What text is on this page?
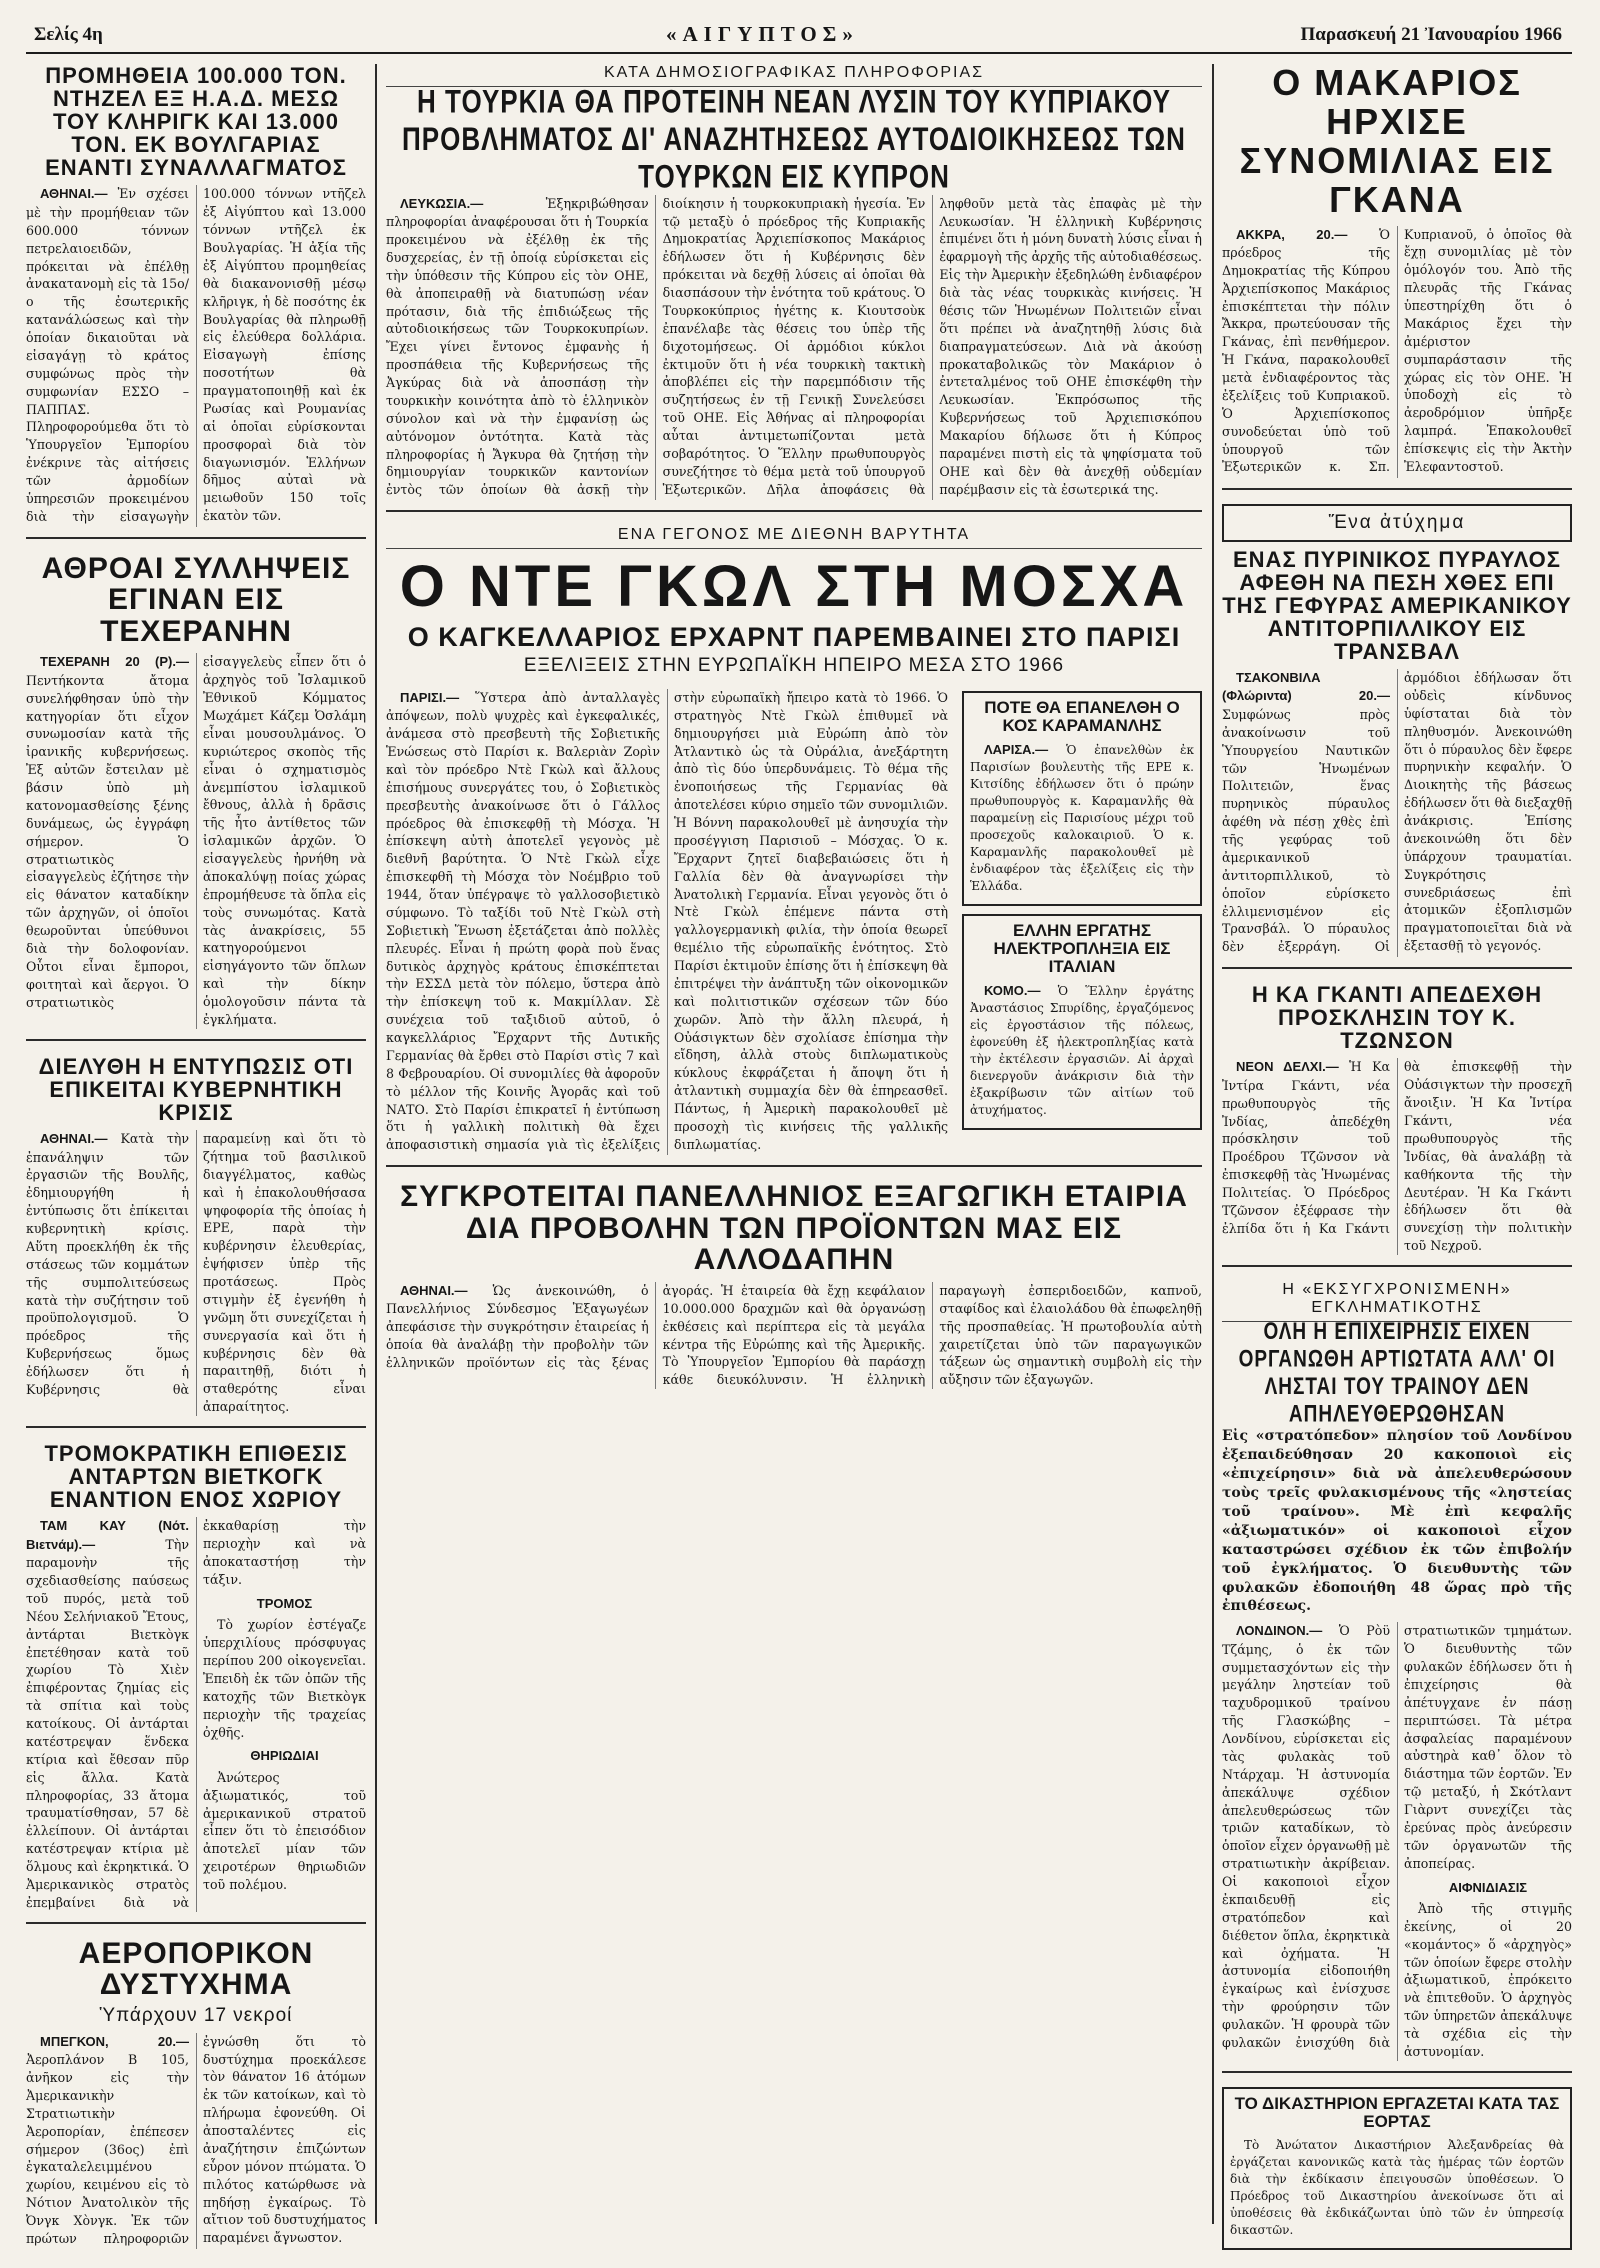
Σελίς 4η	«ΑΙΓΥΠΤΟΣ»	Παρασκευή 21 Ἰανουαρίου 1966
ΠΡΟΜΗΘΕΙΑ 100.000 ΤΟΝ. ΝΤΗΖΕΛ ΕΞ Η.Α.Δ. ΜΕΣΩ ΤΟΥ ΚΛΗΡΙΓΚ ΚΑΙ 13.000 ΤΟΝ. ΕΚ ΒΟΥΛΓΑΡΙΑΣ ΕΝΑΝΤΙ ΣΥΝΑΛΛΑΓΜΑΤΟΣ

ΑΘΗΝΑΙ.— Ἐν σχέσει μὲ τὴν προμήθειαν τῶν 600.000 τόννων πετρελαιοειδῶν, πρόκειται νὰ ἐπέλθῃ ἀνακατανομὴ εἰς τὰ 15ο/ο τῆς ἐσωτερικῆς κατανάλώσεως καὶ τὴν ὁποίαν δικαιοῦται νὰ εἰσαγάγῃ τὸ κράτος συμφώνως πρὸς τὴν συμφωνίαν ΕΣΣΟ – ΠΑΠΠΑΣ. Πληροφορούμεθα ὅτι τὸ Ὑπουργεῖον Ἐμπορίου ἐνέκρινε τὰς αἰτήσεις τῶν ἀρμοδίων ὑπηρεσιῶν προκειμένου διὰ τὴν εἰσαγωγὴν 100.000 τόννων ντῆζελ ἐξ Αἰγύπτου καὶ 13.000 τόννων ντῆζελ ἐκ Βουλγαρίας. Ἡ ἀξία τῆς ἐξ Αἰγύπτου προμηθείας θὰ διακανονισθῇ μέσῳ κλῆριγκ, ἡ δὲ ποσότης ἐκ Βουλγαρίας θὰ πληρωθῇ εἰς ἐλεύθερα δολλάρια. Εἰσαγωγὴ ἐπίσης ποσοτήτων θὰ πραγματοποιηθῇ καὶ ἐκ Ρωσίας καὶ Ρουμανίας αἱ ὁποῖαι εὑρίσκονται προσφοραὶ διὰ τὸν διαγωνισμόν. Ἑλλήνων δῆμος αὐταὶ νὰ μειωθοῦν 150 τοῖς ἑκατὸν τῶν.

ΑΘΡΟΑΙ ΣΥΛΛΗΨΕΙΣ ΕΓΙΝΑΝ ΕΙΣ ΤΕΧΕΡΑΝΗΝ

ΤΕΧΕΡΑΝΗ 20 (Ρ).— Πεντήκοντα ἄτομα συνελήφθησαν ὑπὸ τὴν κατηγορίαν ὅτι εἶχον συνωμοσίαν κατὰ τῆς ἰρανικῆς κυβερνήσεως. Ἐξ αὐτῶν ἔστειλαν μὲ βάσιν ὑπὸ μὴ κατονομασθείσης ξένης δυνάμεως, ὡς ἐγγράφη σήμερον. Ὁ στρατιωτικὸς εἰσαγγελεὺς ἐζήτησε τὴν εἰς θάνατον καταδίκην τῶν ἀρχηγῶν, οἱ ὁποῖοι θεωροῦνται ὑπεύθυνοι διὰ τὴν δολοφονίαν. Οὗτοι εἶναι ἔμποροι, φοιτηταὶ καὶ ἄεργοι. Ὁ στρατιωτικὸς εἰσαγγελεὺς εἶπεν ὅτι ὁ ἀρχηγὸς τοῦ Ἰσλαμικοῦ Ἐθνικοῦ Κόμματος Μωχάμετ Κάζεμ Ὀσλάμη εἶναι μουσουλμάνος. Ὁ κυριώτερος σκοπὸς τῆς εἶναι ὁ σχηματισμὸς ἀνεμπίστου ἰσλαμικοῦ ἔθνους, ἀλλὰ ἡ δρᾶσις τῆς ἦτο ἀντίθετος τῶν ἰσλαμικῶν ἀρχῶν. Ὁ εἰσαγγελεὺς ἠρνήθη νὰ ἀποκαλύψῃ ποίας χώρας ἐπρομήθευσε τὰ ὅπλα εἰς τοὺς συνωμότας. Κατὰ τὰς ἀνακρίσεις, 55 κατηγορούμενοι εἰσηγάγοντο τῶν ὅπλων καὶ τὴν δίκην ὁμολογοῦσιν πάντα τὰ ἐγκλήματα.

ΔΙΕΛΥΘΗ Η ΕΝΤΥΠΩΣΙΣ ΟΤΙ ΕΠΙΚΕΙΤΑΙ ΚΥΒΕΡΝΗΤΙΚΗ ΚΡΙΣΙΣ

ΑΘΗΝΑΙ.— Κατὰ τὴν ἐπανάληψιν τῶν ἐργασιῶν τῆς Βουλῆς, ἐδημιουργήθη ἡ ἐντύπωσις ὅτι ἐπίκειται κυβερνητικὴ κρίσις. Αὕτη προεκλήθη ἐκ τῆς στάσεως τῶν κομμάτων τῆς συμπολιτεύσεως κατὰ τὴν συζήτησιν τοῦ προϋπολογισμοῦ. Ὁ πρόεδρος τῆς Κυβερνήσεως ὅμως ἐδήλωσεν ὅτι ἡ Κυβέρνησις θὰ παραμείνῃ καὶ ὅτι τὸ ζήτημα τοῦ βασιλικοῦ διαγγέλματος, καθὼς καὶ ἡ ἐπακολουθήσασα ψηφοφορία τῆς ὁποίας ἡ ΕΡΕ, παρὰ τὴν κυβέρνησιν ἐλευθερίας, ἐψήφισεν ὑπὲρ τῆς προτάσεως. Πρὸς στιγμὴν ἐξ ἐγενήθη ἡ γνῶμη ὅτι συνεχίζεται ἡ συνεργασία καὶ ὅτι ἡ κυβέρνησις δὲν θὰ παραιτηθῇ, διότι ἡ σταθερότης εἶναι ἀπαραίτητος.

ΤΡΟΜΟΚΡΑΤΙΚΗ ΕΠΙΘΕΣΙΣ ΑΝΤΑΡΤΩΝ ΒΙΕΤΚΟΓΚ ΕΝΑΝΤΙΟΝ ΕΝΟΣ ΧΩΡΙΟΥ

ΤΑΜ ΚΑΥ (Νότ. Βιετνάμ).—	Τὴν παραμονὴν τῆς σχεδιασθείσης παύσεως τοῦ πυρός, μετὰ τοῦ Νέου Σελήνιακοῦ Ἔτους, ἀντάρται Βιετκὸγκ ἐπετέθησαν κατὰ τοῦ χωρίου Τὸ Χιὲν ἐπιφέροντας ζημίας εἰς τὰ σπίτια καὶ τοὺς κατοίκους. Οἱ ἀντάρται κατέστρεψαν ἕνδεκα κτίρια καὶ ἔθεσαν πῦρ εἰς ἄλλα. Κατὰ πληροφορίας, 33 ἄτομα τραυματίσθησαν, 57 δὲ ἐλλείπουν. Οἱ ἀντάρται κατέστρεψαν κτίρια μὲ ὅλμους καὶ ἐκρηκτικά. Ὁ Ἀμερικανικὸς στρατὸς ἐπεμβαίνει διὰ νὰ ἐκκαθαρίσῃ τὴν περιοχὴν καὶ νὰ ἀποκαταστήσῃ τὴν τάξιν.

ΤΡΟΜΟΣ

Τὸ χωρίον ἐστέγαζε ὑπερχιλίους πρόσφυγας περίπου 200 οἰκογενεῖαι. Ἐπειδὴ ἐκ τῶν ὀπῶν τῆς κατοχῆς τῶν Βιετκὸγκ περιοχὴν τῆς τραχείας ὀχθῆς.

ΘΗΡΙΩΔΙΑΙ

Ἀνώτερος ἀξιωματικός, τοῦ ἀμερικανικοῦ στρατοῦ εἶπεν ὅτι τὸ ἐπεισόδιον ἀποτελεῖ μίαν τῶν χειροτέρων θηριωδιῶν τοῦ πολέμου.

ΑΕΡΟΠΟΡΙΚΟΝ ΔΥΣΤΥΧΗΜΑ
Ὑπάρχουν 17 νεκροί

ΜΠΕΓΚΟΝ, 20.— Ἀεροπλάνον Β 105, ἀνῆκον εἰς τὴν Ἀμερικανικὴν Στρατιωτικὴν Ἀεροπορίαν, ἐπέπεσεν σήμερον (36ος) ἐπὶ ἐγκαταλελειμμένου χωρίου, κειμένου εἰς τὸ Νότιον Ἀνατολικὸν τῆς Ὀνγκ Χὸνγκ. Ἐκ τῶν πρώτων πληροφοριῶν ἐγνώσθη ὅτι τὸ δυστύχημα προεκάλεσε τὸν θάνατον 16 ἀτόμων ἐκ τῶν κατοίκων, καὶ τὸ πλήρωμα ἐφονεύθη. Οἱ ἀποσταλέντες εἰς ἀναζήτησιν ἐπιζώντων εὗρον μόνον πτώματα. Ὁ πιλότος κατώρθωσε νὰ πηδήσῃ ἐγκαίρως. Τὸ αἴτιον τοῦ δυστυχήματος παραμένει ἄγνωστον.

ΚΑΤΑ ΔΗΜΟΣΙΟΓΡΑΦΙΚΑΣ ΠΛΗΡΟΦΟΡΙΑΣ
Η ΤΟΥΡΚΙΑ ΘΑ ΠΡΟΤΕΙΝΗ ΝΕΑΝ ΛΥΣΙΝ ΤΟΥ ΚΥΠΡΙΑΚΟΥ ΠΡΟΒΛΗΜΑΤΟΣ ΔΙ' ΑΝΑΖΗΤΗΣΕΩΣ ΑΥΤΟΔΙΟΙΚΗΣΕΩΣ ΤΩΝ ΤΟΥΡΚΩΝ ΕΙΣ ΚΥΠΡΟΝ

ΛΕΥΚΩΣΙΑ.—	Ἐξηκριβώθησαν πληροφορίαι ἀναφέρουσαι ὅτι ἡ Τουρκία προκειμένου νὰ ἐξέλθῃ ἐκ τῆς δυσχερείας, ἐν τῇ ὁποίᾳ εὑρίσκεται εἰς τὴν ὑπόθεσιν τῆς Κύπρου εἰς τὸν ΟΗΕ, θὰ ἀποπειραθῇ νὰ διατυπώσῃ νέαν πρότασιν, διὰ τῆς ἐπιδιώξεως τῆς αὐτοδιοικήσεως τῶν Τουρκοκυπρίων. Ἔχει γίνει ἔντονος ἐμφανὴς ἡ προσπάθεια τῆς Κυβερνήσεως τῆς Ἀγκύρας διὰ νὰ ἀποσπάσῃ τὴν τουρκικὴν κοινότητα ἀπὸ τὸ ἑλληνικὸν σύνολον καὶ νὰ τὴν ἐμφανίσῃ ὡς αὐτόνομον ὀντότητα. Κατὰ τὰς πληροφορίας ἡ Ἄγκυρα θὰ ζητήσῃ τὴν δημιουργίαν τουρκικῶν καντονίων ἐντὸς τῶν ὁποίων θὰ ἀσκῇ τὴν διοίκησιν ἡ τουρκοκυπριακὴ ἡγεσία. Ἐν τῷ μεταξὺ ὁ πρόεδρος τῆς Κυπριακῆς Δημοκρατίας Ἀρχιεπίσκοπος Μακάριος ἐδήλωσεν ὅτι ἡ Κυβέρνησις δὲν πρόκειται νὰ δεχθῇ λύσεις αἱ ὁποῖαι θὰ διασπάσουν τὴν ἑνότητα τοῦ κράτους. Ὁ Τουρκοκύπριος ἡγέτης κ. Κιουτσοὺκ ἐπανέλαβε τὰς θέσεις του ὑπὲρ τῆς διχοτομήσεως. Οἱ ἀρμόδιοι κύκλοι ἐκτιμοῦν ὅτι ἡ νέα τουρκικὴ τακτικὴ ἀποβλέπει εἰς τὴν παρεμπόδισιν τῆς συζητήσεως ἐν τῇ Γενικῇ Συνελεύσει τοῦ ΟΗΕ. Εἰς Ἀθήνας αἱ πληροφορίαι αὗται ἀντιμετωπίζονται μετὰ σοβαρότητος. Ὁ Ἕλλην πρωθυπουργὸς συνεζήτησε τὸ θέμα μετὰ τοῦ ὑπουργοῦ Ἐξωτερικῶν. Δῆλα ἀποφάσεις θὰ ληφθοῦν μετὰ τὰς ἐπαφὰς μὲ τὴν Λευκωσίαν. Ἡ ἑλληνικὴ Κυβέρνησις ἐπιμένει ὅτι ἡ μόνη δυνατὴ λύσις εἶναι ἡ ἐφαρμογὴ τῆς ἀρχῆς τῆς αὐτοδιαθέσεως. Εἰς τὴν Ἀμερικὴν ἐξεδηλώθη ἐνδιαφέρον διὰ τὰς νέας τουρκικὰς κινήσεις. Ἡ θέσις τῶν Ἡνωμένων Πολιτειῶν εἶναι ὅτι πρέπει νὰ ἀναζητηθῇ λύσις διὰ διαπραγματεύσεων. Διὰ νὰ ἀκούσῃ προκαταβολικῶς τὸν Μακάριον ὁ ἐντεταλμένος τοῦ ΟΗΕ ἐπισκέφθη τὴν Λευκωσίαν. Ἐκπρόσωπος τῆς Κυβερνήσεως τοῦ Ἀρχιεπισκόπου Μακαρίου δήλωσε ὅτι ἡ Κύπρος παραμένει πιστὴ εἰς τὰ ψηφίσματα τοῦ ΟΗΕ καὶ δὲν θὰ ἀνεχθῇ οὐδεμίαν παρέμβασιν εἰς τὰ ἐσωτερικά της.

ΕΝΑ ΓΕΓΟΝΟΣ ΜΕ ΔΙΕΘΝΗ ΒΑΡΥΤΗΤΑ
Ο ΝΤΕ ΓΚΩΛ ΣΤΗ ΜΟΣΧΑ
Ο ΚΑΓΚΕΛΛΑΡΙΟΣ ΕΡΧΑΡΝΤ ΠΑΡΕΜΒΑΙΝΕΙ ΣΤΟ ΠΑΡΙΣΙ
ΕΞΕΛΙΞΕΙΣ ΣΤΗΝ ΕΥΡΩΠΑΪΚΗ ΗΠΕΙΡΟ ΜΕΣΑ ΣΤΟ 1966

ΠΑΡΙΣΙ.— Ὕστερα ἀπὸ ἀνταλλαγὲς ἀπόψεων, πολὺ ψυχρὲς καὶ ἐγκεφαλικές, ἀνάμεσα στὸ πρεσβευτὴ τῆς Σοβιετικῆς Ἑνώσεως στὸ Παρίσι κ. Βαλεριὰν Ζορὶν καὶ τὸν πρόεδρο Ντὲ Γκὼλ καὶ ἄλλους ἐπισήμους συνεργάτες του, ὁ Σοβιετικὸς πρεσβευτὴς ἀνακοίνωσε ὅτι ὁ Γάλλος πρόεδρος θὰ ἐπισκεφθῇ τὴ Μόσχα. Ἡ ἐπίσκεψη αὐτὴ ἀποτελεῖ γεγονὸς μὲ διεθνῆ βαρύτητα. Ὁ Ντὲ Γκὼλ εἶχε ἐπισκεφθῆ τὴ Μόσχα τὸν Νοέμβριο τοῦ 1944, ὅταν ὑπέγραψε τὸ γαλλοσοβιετικὸ σύμφωνο. Τὸ ταξίδι τοῦ Ντὲ Γκὼλ στὴ Σοβιετικὴ Ἕνωση ἐξετάζεται ἀπὸ πολλὲς πλευρές. Εἶναι ἡ πρώτη φορὰ ποὺ ἕνας δυτικὸς ἀρχηγὸς κράτους ἐπισκέπτεται τὴν ΕΣΣΔ μετὰ τὸν πόλεμο, ὕστερα ἀπὸ τὴν ἐπίσκεψη τοῦ κ. Μακμίλλαν. Σὲ συνέχεια τοῦ ταξιδιοῦ αὐτοῦ, ὁ καγκελλάριος Ἔρχαρντ τῆς Δυτικῆς Γερμανίας θὰ ἔρθει στὸ Παρίσι στὶς 7 καὶ 8 Φεβρουαρίου. Οἱ συνομιλίες θὰ ἀφοροῦν τὸ μέλλον τῆς Κοινῆς Ἀγορᾶς καὶ τοῦ ΝΑΤΟ. Στὸ Παρίσι ἐπικρατεῖ ἡ ἐντύπωση ὅτι ἡ γαλλικὴ πολιτικὴ θὰ ἔχει ἀποφασιστικὴ σημασία γιὰ τὶς ἐξελίξεις στὴν εὐρωπαϊκὴ ἤπειρο κατὰ τὸ 1966. Ὁ στρατηγὸς Ντὲ Γκὼλ ἐπιθυμεῖ νὰ δημιουργήσει μιὰ Εὐρώπη ἀπὸ τὸν Ἀτλαντικὸ ὡς τὰ Οὐράλια, ἀνεξάρτητη ἀπὸ τὶς δύο ὑπερδυνάμεις. Τὸ θέμα τῆς ἐνοποιήσεως τῆς Γερμανίας θὰ ἀποτελέσει κύριο σημεῖο τῶν συνομιλιῶν. Ἡ Βόννη παρακολουθεῖ μὲ ἀνησυχία τὴν προσέγγιση Παρισιοῦ – Μόσχας. Ὁ κ. Ἔρχαρντ ζητεῖ διαβεβαιώσεις ὅτι ἡ Γαλλία δὲν θὰ ἀναγνωρίσει τὴν Ἀνατολικὴ Γερμανία. Εἶναι γεγονὸς ὅτι ὁ Ντὲ Γκὼλ ἐπέμενε πάντα στὴ γαλλογερμανικὴ φιλία, τὴν ὁποία θεωρεῖ θεμέλιο τῆς εὐρωπαϊκῆς ἑνότητος. Στὸ Παρίσι ἐκτιμοῦν ἐπίσης ὅτι ἡ ἐπίσκεψη θὰ ἐπιτρέψει τὴν ἀνάπτυξη τῶν οἰκονομικῶν καὶ πολιτιστικῶν σχέσεων τῶν δύο χωρῶν. Ἀπὸ τὴν ἄλλη πλευρά, ἡ Οὐάσιγκτων δὲν σχολίασε ἐπίσημα τὴν εἴδηση, ἀλλὰ στοὺς διπλωματικοὺς κύκλους ἐκφράζεται ἡ ἄποψη ὅτι ἡ ἀτλαντικὴ συμμαχία δὲν θὰ ἐπηρεασθεῖ. Πάντως, ἡ Ἀμερικὴ παρακολουθεῖ μὲ προσοχὴ τὶς κινήσεις τῆς γαλλικῆς διπλωματίας.

ΠΟΤΕ ΘΑ ΕΠΑΝΕΛΘΗ Ο ΚΟΣ ΚΑΡΑΜΑΝΛΗΣ

ΛΑΡΙΣΑ.— Ὁ ἐπανελθὼν ἐκ Παρισίων βουλευτὴς τῆς ΕΡΕ κ. Κιτσίδης ἐδήλωσεν ὅτι ὁ πρώην πρωθυπουργὸς κ. Καραμανλῆς θὰ παραμείνῃ εἰς Παρισίους μέχρι τοῦ προσεχοῦς καλοκαιριοῦ. Ὁ κ. Καραμανλῆς παρακολουθεῖ μὲ ἐνδιαφέρον τὰς ἐξελίξεις εἰς τὴν Ἑλλάδα.

ΕΛΛΗΝ ΕΡΓΑΤΗΣ ΗΛΕΚΤΡΟΠΛΗΞΙΑ ΕΙΣ ΙΤΑΛΙΑΝ

ΚΟΜΟ.— Ὁ Ἕλλην ἐργάτης Ἀναστάσιος Σπυρίδης, ἐργαζόμενος εἰς ἐργοστάσιον τῆς πόλεως, ἐφονεύθη ἐξ ἠλεκτροπληξίας κατὰ τὴν ἐκτέλεσιν ἐργασιῶν. Αἱ ἀρχαὶ διενεργοῦν ἀνάκρισιν διὰ τὴν ἐξακρίβωσιν τῶν αἰτίων τοῦ ἀτυχήματος.

ΣΥΓΚΡΟΤΕΙΤΑΙ ΠΑΝΕΛΛΗΝΙΟΣ ΕΞΑΓΩΓΙΚΗ ΕΤΑΙΡΙΑ ΔΙΑ ΠΡΟΒΟΛΗΝ ΤΩΝ ΠΡΟΪΟΝΤΩΝ ΜΑΣ ΕΙΣ ΑΛΛΟΔΑΠΗΝ

ΑΘΗΝΑΙ.— Ὡς ἀνεκοινώθη, ὁ Πανελλήνιος Σύνδεσμος Ἐξαγωγέων ἀπεφάσισε τὴν συγκρότησιν ἑταιρείας ἡ ὁποία θὰ ἀναλάβῃ τὴν προβολὴν τῶν ἑλληνικῶν προϊόντων εἰς τὰς ξένας ἀγοράς. Ἡ ἑταιρεία θὰ ἔχῃ κεφάλαιον 10.000.000 δραχμῶν καὶ θὰ ὀργανώσῃ ἐκθέσεις καὶ περίπτερα εἰς τὰ μεγάλα κέντρα τῆς Εὐρώπης καὶ τῆς Ἀμερικῆς. Τὸ Ὑπουργεῖον Ἐμπορίου θὰ παράσχῃ κάθε διευκόλυνσιν. Ἡ ἑλληνικὴ παραγωγὴ ἐσπεριδοειδῶν, καπνοῦ, σταφίδος καὶ ἐλαιολάδου θὰ ἐπωφεληθῇ τῆς προσπαθείας. Ἡ πρωτοβουλία αὐτὴ χαιρετίζεται ὑπὸ τῶν παραγωγικῶν τάξεων ὡς σημαντικὴ συμβολὴ εἰς τὴν αὔξησιν τῶν ἐξαγωγῶν.

Ο ΜΑΚΑΡΙΟΣ ΗΡΧΙΣΕ ΣΥΝΟΜΙΛΙΑΣ ΕΙΣ ΓΚΑΝΑ

ΑΚΚΡΑ, 20.—	Ὁ πρόεδρος τῆς Δημοκρατίας τῆς Κύπρου Ἀρχιεπίσκοπος Μακάριος ἐπισκέπτεται τὴν πόλιν Ἄκκρα, πρωτεύουσαν τῆς Γκάνας, ἐπὶ πενθήμερον. Ἡ Γκάνα, παρακολουθεῖ μετὰ ἐνδιαφέροντος τὰς ἐξελίξεις τοῦ Κυπριακοῦ. Ὁ Ἀρχιεπίσκοπος συνοδεύεται ὑπὸ τοῦ ὑπουργοῦ τῶν Ἐξωτερικῶν κ. Σπ. Κυπριανοῦ, ὁ ὁποῖος θὰ ἔχῃ συνομιλίας μὲ τὸν ὁμόλογόν του. Ἀπὸ τῆς πλευρᾶς τῆς Γκάνας ὑπεστηρίχθη ὅτι ὁ Μακάριος ἔχει τὴν ἀμέριστον συμπαράστασιν τῆς χώρας εἰς τὸν ΟΗΕ. Ἡ ὑποδοχὴ εἰς τὸ ἀεροδρόμιον ὑπῆρξε λαμπρά. Ἐπακολουθεῖ ἐπίσκεψις εἰς τὴν Ἀκτὴν Ἐλεφαντοστοῦ.

Ἕνα ἀτύχημα
ΕΝΑΣ ΠΥΡΙΝΙΚΟΣ ΠΥΡΑΥΛΟΣ ΑΦΕΘΗ ΝΑ ΠΕΣΗ ΧΘΕΣ ΕΠΙ ΤΗΣ ΓΕΦΥΡΑΣ ΑΜΕΡΙΚΑΝΙΚΟΥ ΑΝΤΙΤΟΡΠΙΛΛΙΚΟΥ ΕΙΣ ΤΡΑΝΣΒΑΛ

ΤΣΑΚΟΝΒΙΛΑ (Φλώριντα) 20.— Συμφώνως πρὸς ἀνακοίνωσιν τοῦ Ὑπουργείου Ναυτικῶν τῶν Ἡνωμένων Πολιτειῶν, ἕνας πυρηνικὸς πύραυλος ἀφέθη νὰ πέσῃ χθὲς ἐπὶ τῆς γεφύρας τοῦ ἀμερικανικοῦ ἀντιτορπιλλικοῦ, τὸ ὁποῖον εὑρίσκετο ἐλλιμενισμένον εἰς Τρανσβάλ. Ὁ πύραυλος δὲν ἐξερράγη. Οἱ ἀρμόδιοι ἐδήλωσαν ὅτι οὐδεὶς κίνδυνος ὑφίσταται διὰ τὸν πληθυσμόν. Ἀνεκοινώθη ὅτι ὁ πύραυλος δὲν ἔφερε πυρηνικὴν κεφαλήν. Ὁ Διοικητὴς τῆς βάσεως ἐδήλωσεν ὅτι θὰ διεξαχθῇ ἀνάκρισις. Ἐπίσης ἀνεκοινώθη ὅτι δὲν ὑπάρχουν τραυματίαι. Συγκρότησις συνεδριάσεως ἐπὶ ἀτομικῶν ἐξοπλισμῶν πραγματοποιεῖται διὰ νὰ ἐξετασθῇ τὸ γεγονός.

Η ΚΑ ΓΚΑΝΤΙ ΑΠΕΔΕΧΘΗ ΠΡΟΣΚΛΗΣΙΝ ΤΟΥ Κ. ΤΖΩΝΣΟΝ

ΝΕΟΝ ΔΕΛΧΙ.— Ἡ Κα Ἰντίρα Γκάντι, νέα πρωθυπουργὸς τῆς Ἰνδίας, ἀπεδέχθη πρόσκλησιν τοῦ Προέδρου Τζῶνσον νὰ ἐπισκεφθῇ τὰς Ἡνωμένας Πολιτείας. Ὁ Πρόεδρος Τζῶνσον ἐξέφρασε τὴν ἐλπίδα ὅτι ἡ Κα Γκάντι θὰ ἐπισκεφθῇ τὴν Οὐάσιγκτων τὴν προσεχῆ ἄνοιξιν. Ἡ Κα Ἰντίρα Γκάντι, νέα πρωθυπουργὸς τῆς Ἰνδίας, θὰ ἀναλάβῃ τὰ καθήκοντα τῆς τὴν Δευτέραν. Ἡ Κα Γκάντι ἐδήλωσεν ὅτι θὰ συνεχίσῃ τὴν πολιτικὴν τοῦ Νεχροῦ.

Η «ΕΚΣΥΓΧΡΟΝΙΣΜΕΝΗ» ΕΓΚΛΗΜΑΤΙΚΟΤΗΣ
ΟΛΗ Η ΕΠΙΧΕΙΡΗΣΙΣ ΕΙΧΕΝ ΟΡΓΑΝΩΘΗ ΑΡΤΙΩΤΑΤΑ ΑΛΛ' ΟΙ ΛΗΣΤΑΙ ΤΟΥ ΤΡΑΙΝΟΥ ΔΕΝ ΑΠΗΛΕΥΘΕΡΩΘΗΣΑΝ
Εἰς «στρατόπεδον» πλησίον τοῦ Λονδίνου ἐξεπαιδεύθησαν 20 κακοποιοὶ εἰς «ἐπιχείρησιν» διὰ νὰ ἀπελευθερώσουν τοὺς τρεῖς φυλακισμένους τῆς «ληστείας τοῦ τραίνου». Μὲ ἐπὶ κεφαλῆς «ἀξιωματικόν» οἱ κακοποιοὶ εἶχον καταστρώσει σχέδιον ἐκ τῶν ἐπιβολήν τοῦ ἐγκλήματος. Ὁ διευθυντὴς τῶν φυλακῶν ἐδοποιήθη 48 ὥρας πρὸ τῆς ἐπιθέσεως.

ΛΟΝΔΙΝΟΝ.— Ὁ Ρὸϋ Τζάμης, ὁ ἐκ τῶν συμμετασχόντων εἰς τὴν μεγάλην ληστείαν τοῦ ταχυδρομικοῦ τραίνου τῆς Γλασκώβης – Λονδίνου, εὑρίσκεται εἰς τὰς φυλακὰς τοῦ Ντάρχαμ. Ἡ ἀστυνομία ἀπεκάλυψε σχέδιον ἀπελευθερώσεως τῶν τριῶν καταδίκων, τὸ ὁποῖον εἶχεν ὀργανωθῇ μὲ στρατιωτικὴν ἀκρίβειαν. Οἱ κακοποιοὶ εἶχον ἐκπαιδευθῇ εἰς στρατόπεδον καὶ διέθετον ὅπλα, ἐκρηκτικὰ καὶ ὀχήματα. Ἡ ἀστυνομία εἰδοποιήθη ἐγκαίρως καὶ ἐνίσχυσε τὴν φρούρησιν τῶν φυλακῶν. Ἡ φρουρὰ τῶν φυλακῶν ἐνισχύθη διὰ στρατιωτικῶν τμημάτων. Ὁ διευθυντὴς τῶν φυλακῶν ἐδήλωσεν ὅτι ἡ ἐπιχείρησις θὰ ἀπέτυγχανε ἐν πάσῃ περιπτώσει. Τὰ μέτρα ἀσφαλείας παραμένουν αὐστηρὰ καθ᾽ ὅλον τὸ διάστημα τῶν ἑορτῶν. Ἐν τῷ μεταξύ, ἡ Σκότλαντ Γιὰρντ συνεχίζει τὰς ἐρεύνας πρὸς ἀνεύρεσιν τῶν ὀργανωτῶν τῆς ἀποπείρας.

ΑΙΦΝΙΔΙΑΣΙΣ

Ἀπὸ τῆς στιγμῆς ἐκείνης, οἱ 20 «κομάντος» ὅ «ἀρχηγὸς» τῶν ὁποίων ἔφερε στολὴν ἀξιωματικοῦ, ἐπρόκειτο νὰ ἐπιτεθοῦν. Ὁ ἀρχηγὸς τῶν ὑπηρετῶν ἀπεκάλυψε τὰ σχέδια εἰς τὴν ἀστυνομίαν.

ΤΟ ΔΙΚΑΣΤΗΡΙΟΝ ΕΡΓΑΖΕΤΑΙ ΚΑΤΑ ΤΑΣ ΕΟΡΤΑΣ

Τὸ Ἀνώτατον Δικαστήριον Ἀλεξανδρείας θὰ ἐργάζεται κανονικῶς κατὰ τὰς ἡμέρας τῶν ἑορτῶν διὰ τὴν ἐκδίκασιν ἐπειγουσῶν ὑποθέσεων. Ὁ Πρόεδρος τοῦ Δικαστηρίου ἀνεκοίνωσε ὅτι αἱ ὑποθέσεις θὰ ἐκδικάζωνται ὑπὸ τῶν ἐν ὑπηρεσίᾳ δικαστῶν.
